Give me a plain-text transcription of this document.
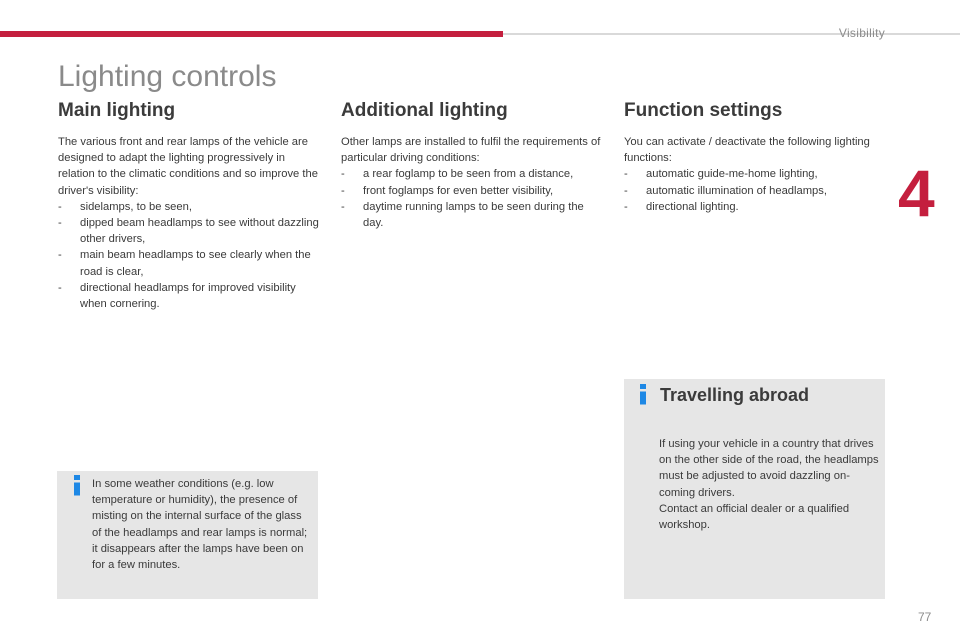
Visibility
4
Lighting controls
Main lighting

The various front and rear lamps of the vehicle are designed to adapt the lighting progressively in relation to the climatic conditions and so improve the driver's visibility:

- sidelamps, to be seen,
- dipped beam headlamps to see without dazzling other drivers,
- main beam headlamps to see clearly when the road is clear,
- directional headlamps for improved visibility when cornering.
Additional lighting

Other lamps are installed to fulfil the requirements of particular driving conditions:

- a rear foglamp to be seen from a distance,
- front foglamps for even better visibility,
- daytime running lamps to be seen during the day.
Function settings

You can activate / deactivate the following lighting functions:

- automatic guide-me-home lighting,
- automatic illumination of headlamps,
- directional lighting.

In some weather conditions (e.g. low temperature or humidity), the presence of misting on the internal surface of the glass of the headlamps and rear lamps is normal; it disappears after the lamps have been on for a few minutes.

Travelling abroad

If using your vehicle in a country that drives on the other side of the road, the headlamps must be adjusted to avoid dazzling on-coming drivers.
Contact an official dealer or a qualified workshop.

77
